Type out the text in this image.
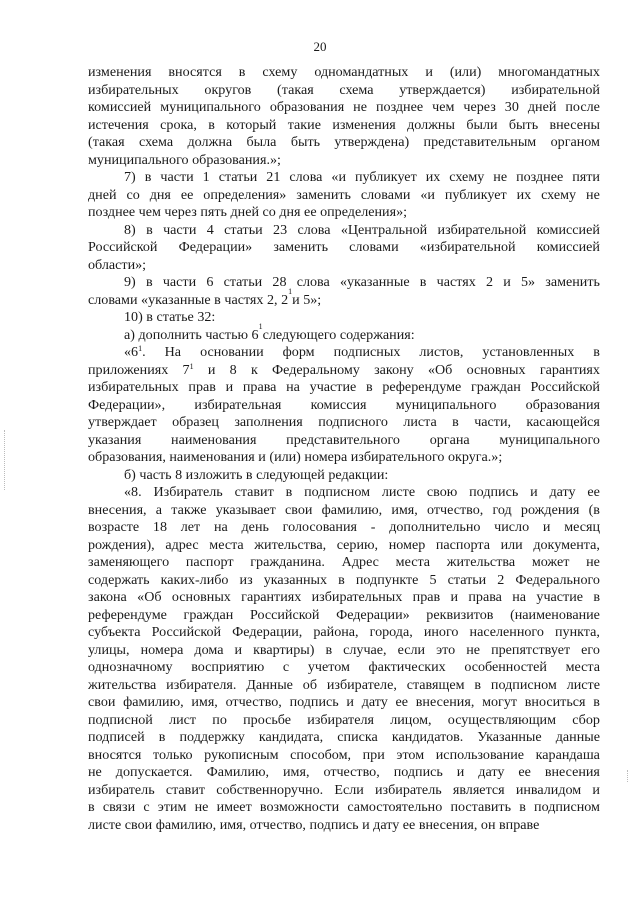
20
изменения вносятся в схему одномандатных и (или) многомандатных
избирательных округов (такая схема утверждается) избирательной
комиссией муниципального образования не позднее чем через 30 дней после
истечения срока, в который такие изменения должны были быть внесены
(такая схема должна была быть утверждена) представительным органом
муниципального образования.»;
7) в части 1 статьи 21 слова «и публикует их схему не позднее пяти
дней со дня ее определения» заменить словами «и публикует их схему не
позднее чем через пять дней со дня ее определения»;
8) в части 4 статьи 23 слова «Центральной избирательной комиссией
Российской Федерации» заменить словами «избирательной комиссией
области»;
9) в части 6 статьи 28 слова «указанные в частях 2 и 5» заменить
словами «указанные в частях 2, 2
1
и 5»;
10) в статье 32:
а) дополнить частью 6
1
следующего содержания:
«$6^1$. На основании форм подписных листов, установленных в
приложениях $7^1$ и 8 к Федеральному закону «Об основных гарантиях
избирательных прав и права на участие в референдуме граждан Российской
Федерации», избирательная комиссия муниципального образования
утверждает образец заполнения подписного листа в части, касающейся
указания наименования представительного органа муниципального
образования, наименования и (или) номера избирательного округа.»;
б) часть 8 изложить в следующей редакции:
«8. Избиратель ставит в подписном листе свою подпись и дату ее
внесения, а также указывает свои фамилию, имя, отчество, год рождения (в
возрасте 18 лет на день голосования - дополнительно число и месяц
рождения), адрес места жительства, серию, номер паспорта или документа,
заменяющего паспорт гражданина. Адрес места жительства может не
содержать каких-либо из указанных в подпункте 5 статьи 2 Федерального
закона «Об основных гарантиях избирательных прав и права на участие в
референдуме граждан Российской Федерации» реквизитов (наименование
субъекта Российской Федерации, района, города, иного населенного пункта,
улицы, номера дома и квартиры) в случае, если это не препятствует его
однозначному восприятию с учетом фактических особенностей места
жительства избирателя. Данные об избирателе, ставящем в подписном листе
свои фамилию, имя, отчество, подпись и дату ее внесения, могут вноситься в
подписной лист по просьбе избирателя лицом, осуществляющим сбор
подписей в поддержку кандидата, списка кандидатов. Указанные данные
вносятся только рукописным способом, при этом использование карандаша
не допускается. Фамилию, имя, отчество, подпись и дату ее внесения
избиратель ставит собственноручно. Если избиратель является инвалидом и
в связи с этим не имеет возможности самостоятельно поставить в подписном
листе свои фамилию, имя, отчество, подпись и дату ее внесения, он вправе
